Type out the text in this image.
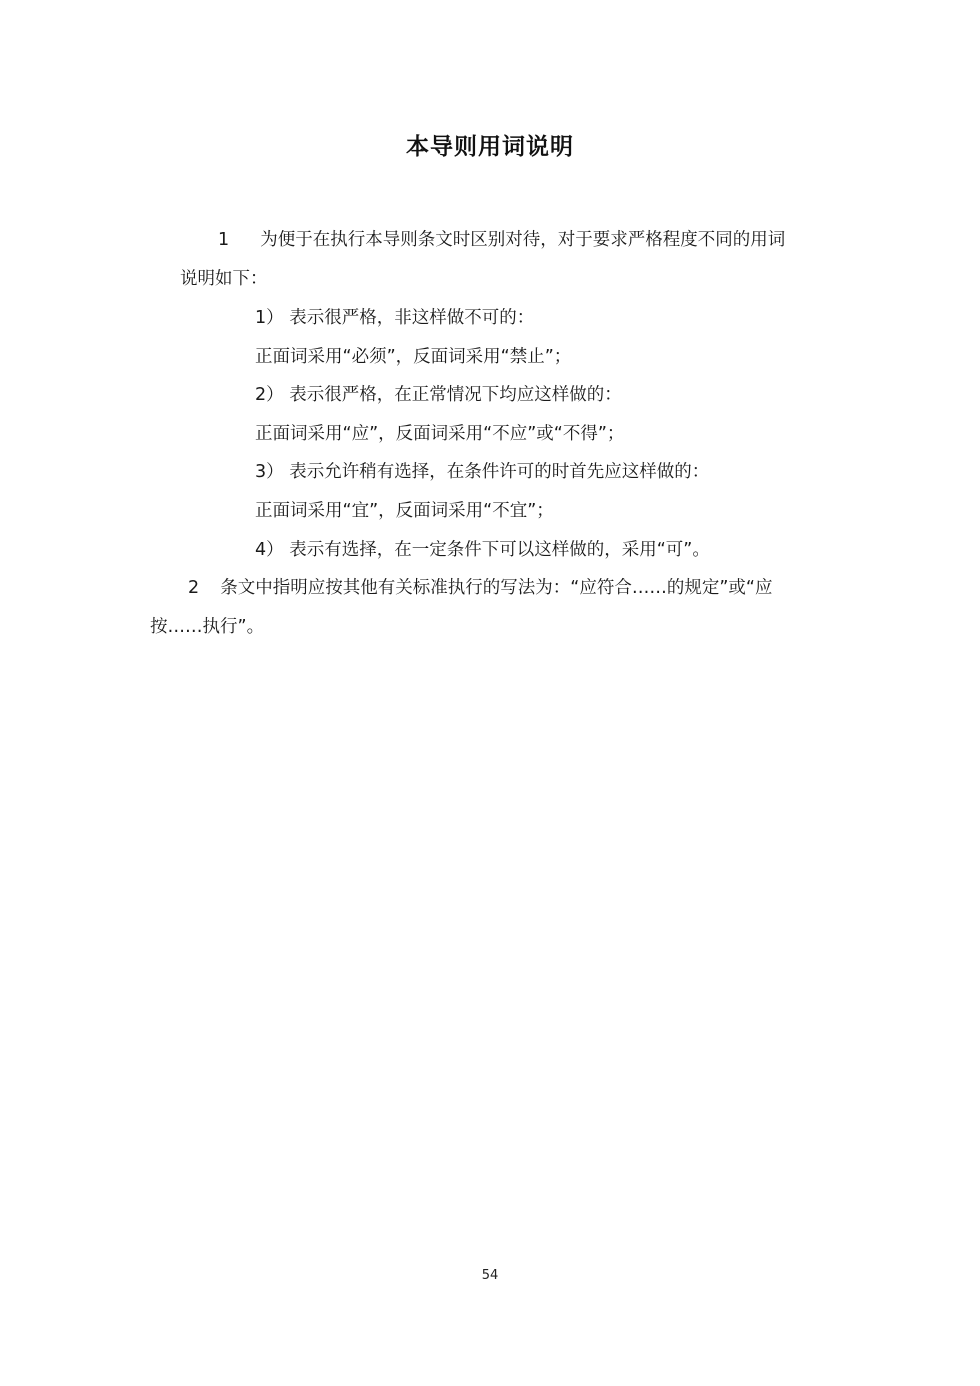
本导则用词说明
1 为便于在执行本导则条文时区别对待，对于要求严格程度不同的用词
说明如下：
1） 表示很严格，非这样做不可的：
正面词采用“必须”，反面词采用“禁止”；
2） 表示很严格，在正常情况下均应这样做的：
正面词采用“应”，反面词采用“不应”或“不得”；
3） 表示允许稍有选择，在条件许可的时首先应这样做的：
正面词采用“宜”，反面词采用“不宜”；
4） 表示有选择，在一定条件下可以这样做的，采用“可”。
2 条文中指明应按其他有关标准执行的写法为：“应符合……的规定”或“应
按……执行”。
54
